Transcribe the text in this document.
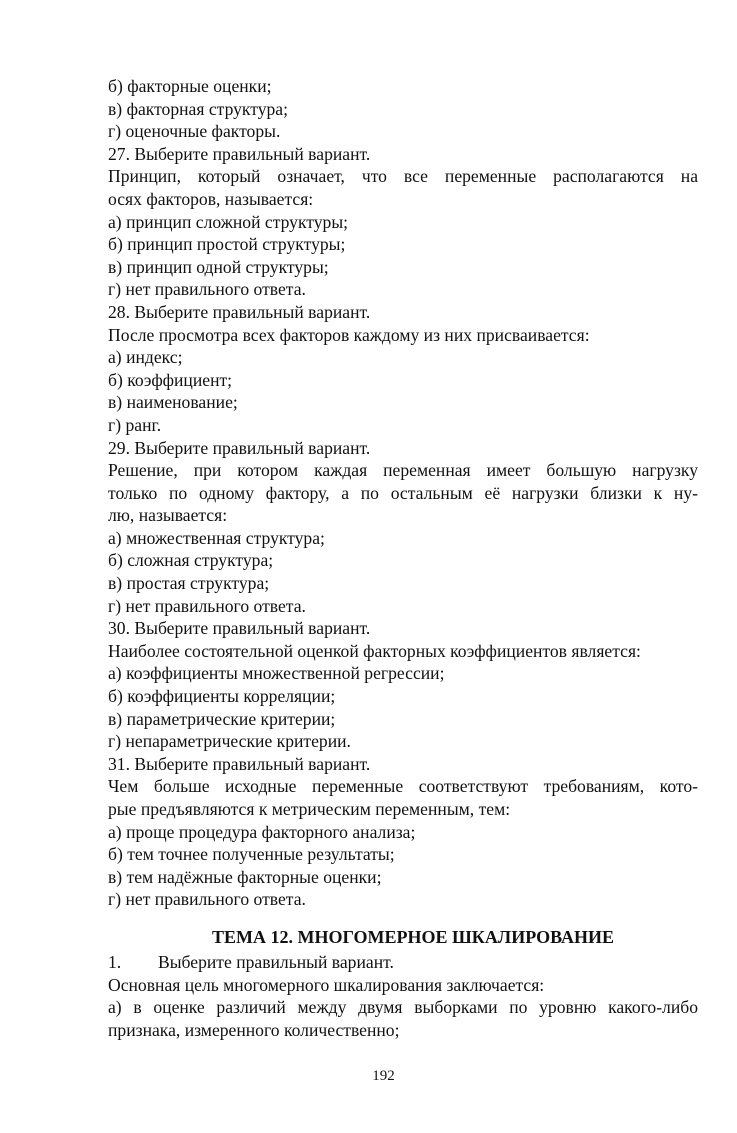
б) факторные оценки;
в) факторная структура;
г) оценочные факторы.
27. Выберите правильный вариант.
Принцип, который означает, что все переменные располагаются на
осях факторов, называется:
а) принцип сложной структуры;
б) принцип простой структуры;
в) принцип одной структуры;
г) нет правильного ответа.
28. Выберите правильный вариант.
После просмотра всех факторов каждому из них присваивается:
а) индекс;
б) коэффициент;
в) наименование;
г) ранг.
29. Выберите правильный вариант.
Решение, при котором каждая переменная имеет большую нагрузку
только по одному фактору, а по остальным её нагрузки близки к ну-
лю, называется:
а) множественная структура;
б) сложная структура;
в) простая структура;
г) нет правильного ответа.
30. Выберите правильный вариант.
Наиболее состоятельной оценкой факторных коэффициентов является:
а) коэффициенты множественной регрессии;
б) коэффициенты корреляции;
в) параметрические критерии;
г) непараметрические критерии.
31. Выберите правильный вариант.
Чем больше исходные переменные соответствуют требованиям, кото-
рые предъявляются к метрическим переменным, тем:
а) проще процедура факторного анализа;
б) тем точнее полученные результаты;
в) тем надёжные факторные оценки;
г) нет правильного ответа.
ТЕМА 12. МНОГОМЕРНОЕ ШКАЛИРОВАНИЕ
1.	Выберите правильный вариант.
Основная цель многомерного шкалирования заключается:
а) в оценке различий между двумя выборками по уровню какого-либо
признака, измеренного количественно;
192
